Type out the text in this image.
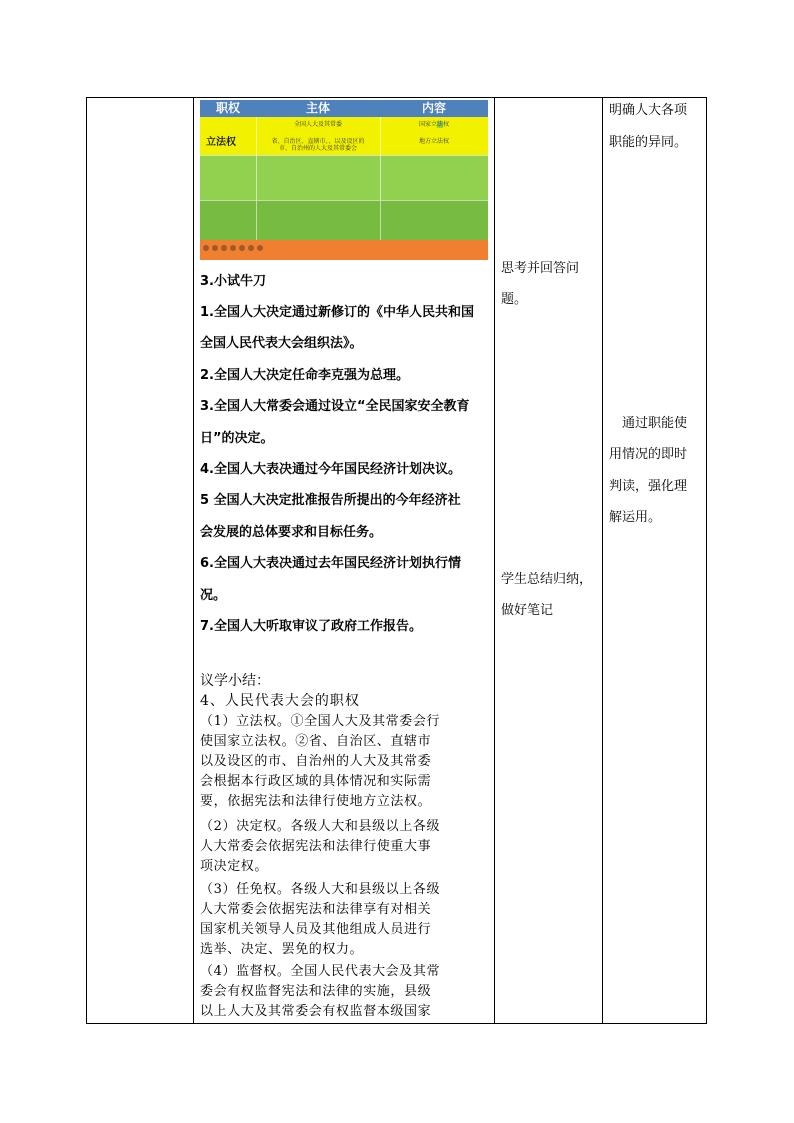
职权	主体	内容
立法权
全国人大及其常委
省、自治区、直辖市、、以及设区的
市、自治州的人大及其常委会
国家立法权
地方立法权
3.小试牛刀
1.全国人大决定通过新修订的《中华人民共和国
全国人民代表大会组织法》。
2.全国人大决定任命李克强为总理。
3.全国人大常委会通过设立“全民国家安全教育
日”的决定。
4.全国人大表决通过今年国民经济计划决议。
5 全国人大决定批准报告所提出的今年经济社
会发展的总体要求和目标任务。
6.全国人大表决通过去年国民经济计划执行情
况。
7.全国人大听取审议了政府工作报告。
议学小结：
4、人民代表大会的职权
（1）立法权。①全国人大及其常委会行
使国家立法权。②省、自治区、直辖市
以及设区的市、自治州的人大及其常委
会根据本行政区域的具体情况和实际需
要，依据宪法和法律行使地方立法权。
（2）决定权。各级人大和县级以上各级
人大常委会依据宪法和法律行使重大事
项决定权。
（3）任免权。各级人大和县级以上各级
人大常委会依据宪法和法律享有对相关
国家机关领导人员及其他组成人员进行
选举、决定、罢免的权力。
（4）监督权。全国人民代表大会及其常
委会有权监督宪法和法律的实施，县级
以上人大及其常委会有权监督本级国家
思考并回答问
题。
学生总结归纳，
做好笔记
明确人大各项
职能的异同。
通过职能使
用情况的即时
判读，强化理
解运用。
